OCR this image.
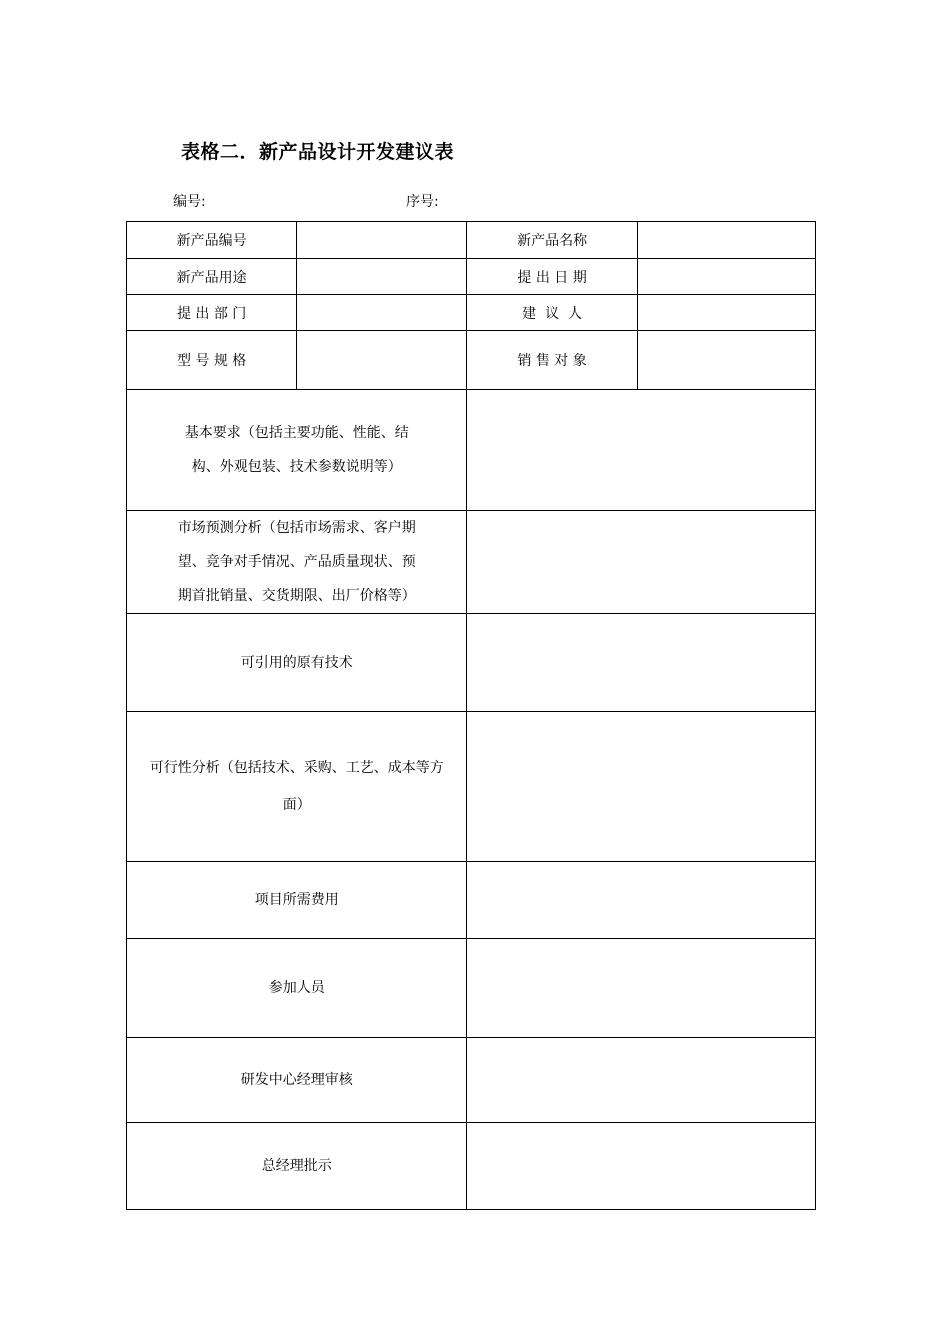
表格二．新产品设计开发建议表
编号:	序号:
新产品编号		新产品名称	
新产品用途		提 出 日 期	
提 出 部 门		建  议  人	
型 号 规 格		销 售 对 象	
基本要求（包括主要功能、性能、结构、外观包装、技术参数说明等）			
市场预测分析（包括市场需求、客户期望、竞争对手情况、产品质量现状、预期首批销量、交货期限、出厂价格等）			
可引用的原有技术			
可行性分析（包括技术、采购、工艺、成本等方面）			
项目所需费用			
参加人员			
研发中心经理审核			
总经理批示			
